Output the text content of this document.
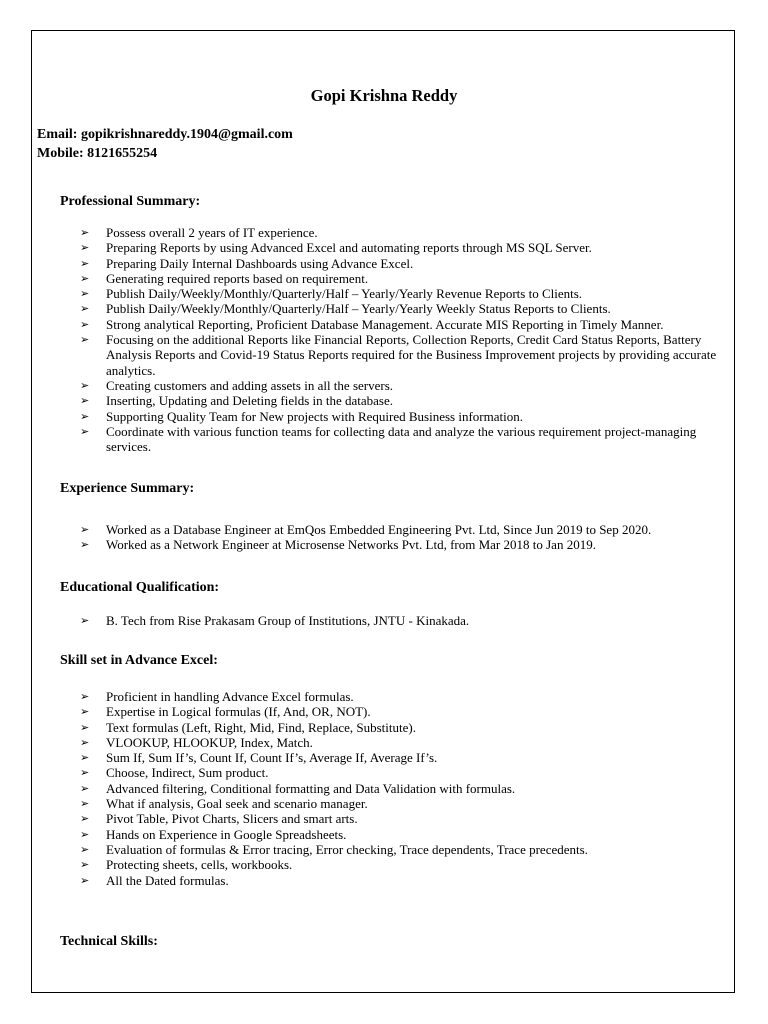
Gopi Krishna Reddy
Email: gopikrishnareddy.1904@gmail.com
Mobile: 8121655254
Professional Summary:
➢	Possess overall 2 years of IT experience.
➢	Preparing Reports by using Advanced Excel and automating reports through MS SQL Server.
➢	Preparing Daily Internal Dashboards using Advance Excel.
➢	Generating required reports based on requirement.
➢	Publish Daily/Weekly/Monthly/Quarterly/Half – Yearly/Yearly Revenue Reports to Clients.
➢	Publish Daily/Weekly/Monthly/Quarterly/Half – Yearly/Yearly Weekly Status Reports to Clients.
➢	Strong analytical Reporting, Proficient Database Management. Accurate MIS Reporting in Timely Manner.
➢	Focusing on the additional Reports like Financial Reports, Collection Reports, Credit Card Status Reports, Battery Analysis Reports and Covid-19 Status Reports required for the Business Improvement projects by providing accurate analytics.
➢	Creating customers and adding assets in all the servers.
➢	Inserting, Updating and Deleting fields in the database.
➢	Supporting Quality Team for New projects with Required Business information.
➢	Coordinate with various function teams for collecting data and analyze the various requirement project-managing services.
Experience Summary:
➢	Worked as a Database Engineer at EmQos Embedded Engineering Pvt. Ltd, Since Jun 2019 to Sep 2020.
➢	Worked as a Network Engineer at Microsense Networks Pvt. Ltd, from Mar 2018 to Jan 2019.
Educational Qualification:
➢	B. Tech from Rise Prakasam Group of Institutions, JNTU - Kinakada.
Skill set in Advance Excel:
➢	Proficient in handling Advance Excel formulas.
➢	Expertise in Logical formulas (If, And, OR, NOT).
➢	Text formulas (Left, Right, Mid, Find, Replace, Substitute).
➢	VLOOKUP, HLOOKUP, Index, Match.
➢	Sum If, Sum If’s, Count If, Count If’s, Average If, Average If’s.
➢	Choose, Indirect, Sum product.
➢	Advanced filtering, Conditional formatting and Data Validation with formulas.
➢	What if analysis, Goal seek and scenario manager.
➢	Pivot Table, Pivot Charts, Slicers and smart arts.
➢	Hands on Experience in Google Spreadsheets.
➢	Evaluation of formulas & Error tracing, Error checking, Trace dependents, Trace precedents.
➢	Protecting sheets, cells, workbooks.
➢	All the Dated formulas.
Technical Skills:
